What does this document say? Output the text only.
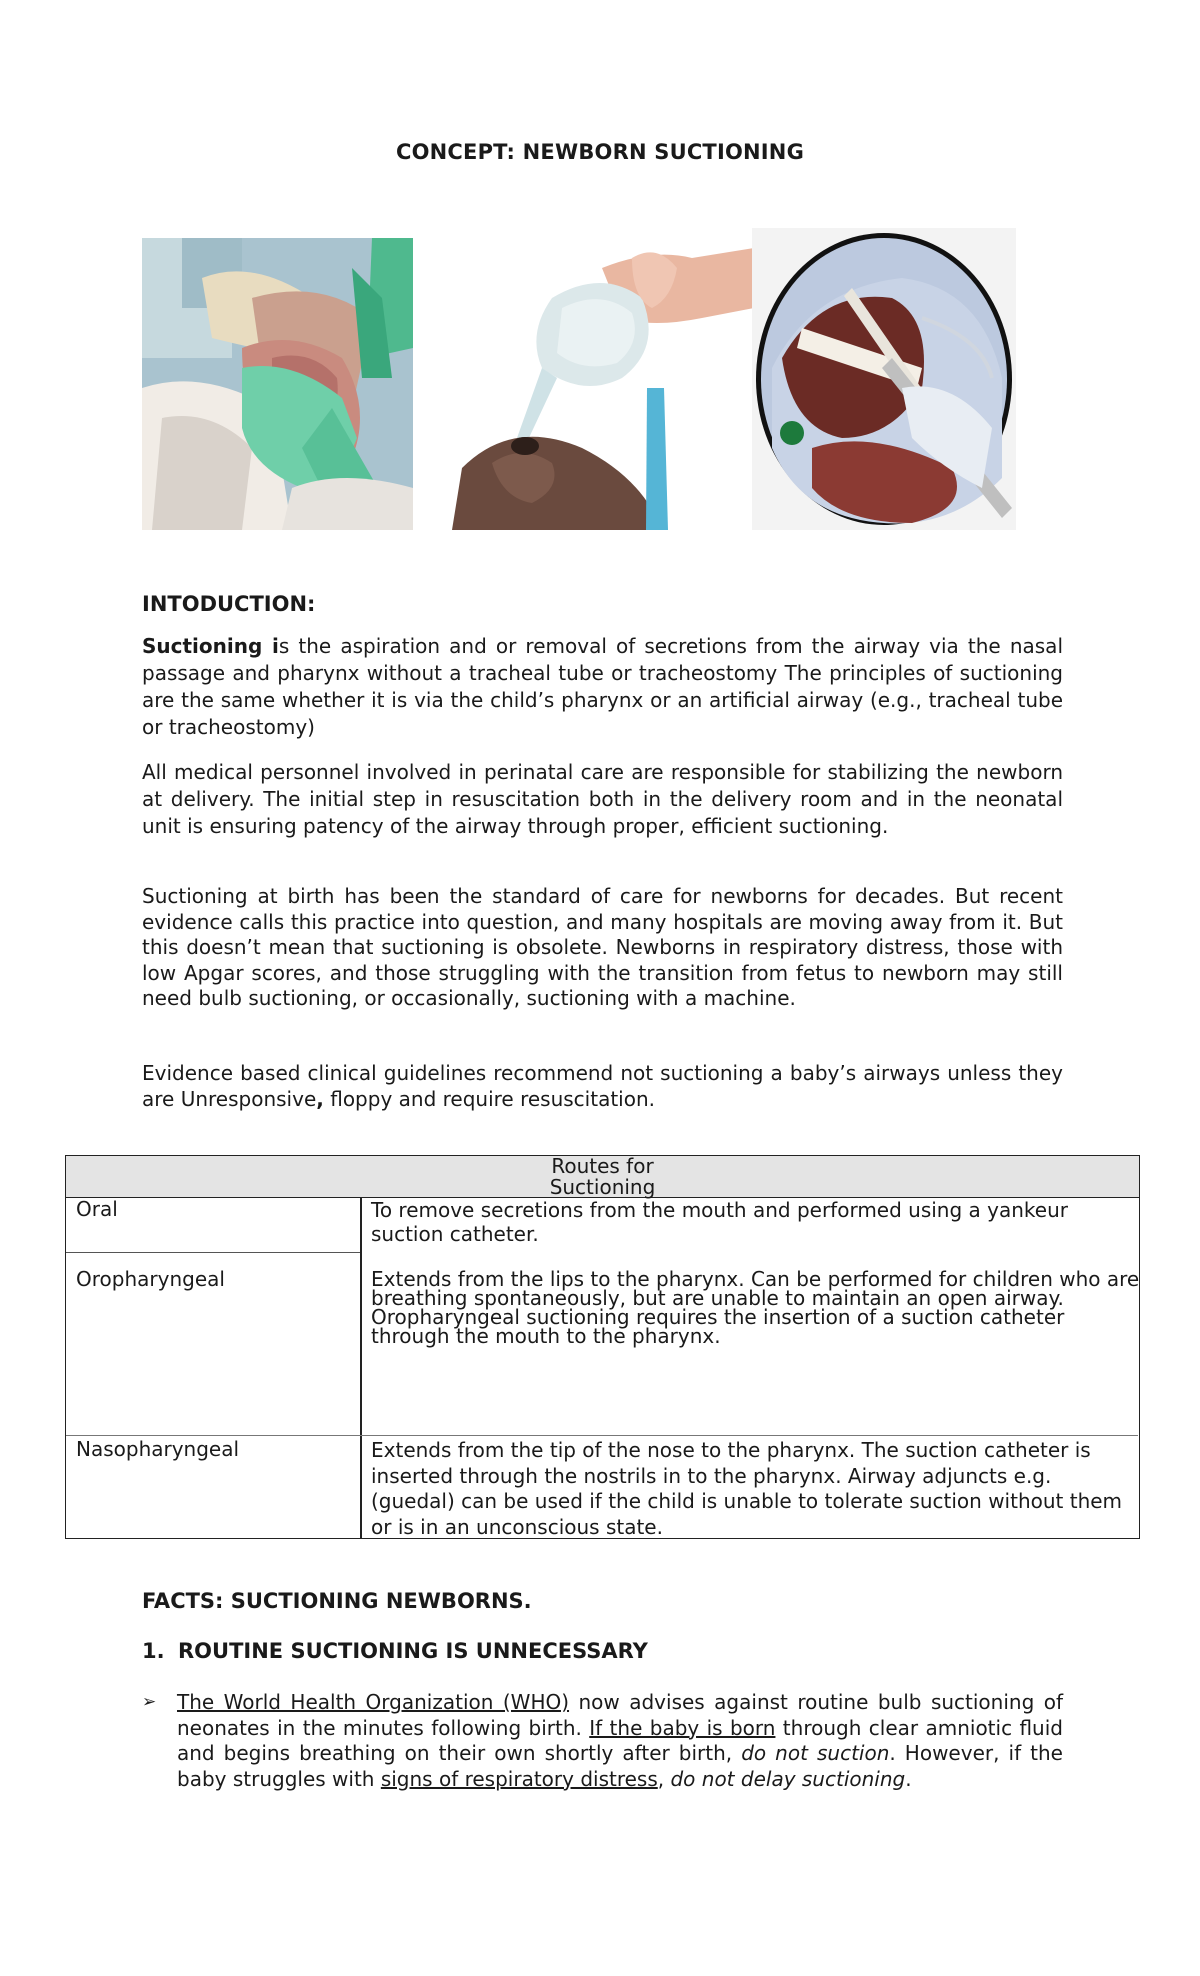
CONCEPT: NEWBORN SUCTIONING
INTODUCTION:

Suctioning is the aspiration and or removal of secretions from the airway via the nasal passage and pharynx without a tracheal tube or tracheostomy The principles of suctioning are the same whether it is via the child’s pharynx or an artificial airway (e.g., tracheal tube or tracheostomy)

All medical personnel involved in perinatal care are responsible for stabilizing the newborn at delivery. The initial step in resuscitation both in the delivery room and in the neonatal unit is ensuring patency of the airway through proper, efficient suctioning.

Suctioning at birth has been the standard of care for newborns for decades. But recent evidence calls this practice into question, and many hospitals are moving away from it. But this doesn’t mean that suctioning is obsolete. Newborns in respiratory distress, those with low Apgar scores, and those struggling with the transition from fetus to newborn may still need bulb suctioning, or occasionally, suctioning with a machine.

Evidence based clinical guidelines recommend not suctioning a baby’s airways unless they are Unresponsive, floppy and require resuscitation.

Routes for Suctioning
Oral	To remove secretions from the mouth and performed using a yankeur suction catheter.
Oropharyngeal	Extends from the lips to the pharynx. Can be performed for children who are breathing spontaneously, but are unable to maintain an open airway. Oropharyngeal suctioning requires the insertion of a suction catheter through the mouth to the pharynx.
Nasopharyngeal	Extends from the tip of the nose to the pharynx. The suction catheter is inserted through the nostrils in to the pharynx. Airway adjuncts e.g. (guedal) can be used if the child is unable to tolerate suction without them or is in an unconscious state.
FACTS: SUCTIONING NEWBORNS.
1. ROUTINE SUCTIONING IS UNNECESSARY
➢ The World Health Organization (WHO) now advises against routine bulb suctioning of neonates in the minutes following birth. If the baby is born through clear amniotic fluid and begins breathing on their own shortly after birth, do not suction. However, if the baby struggles with signs of respiratory distress, do not delay suctioning.
